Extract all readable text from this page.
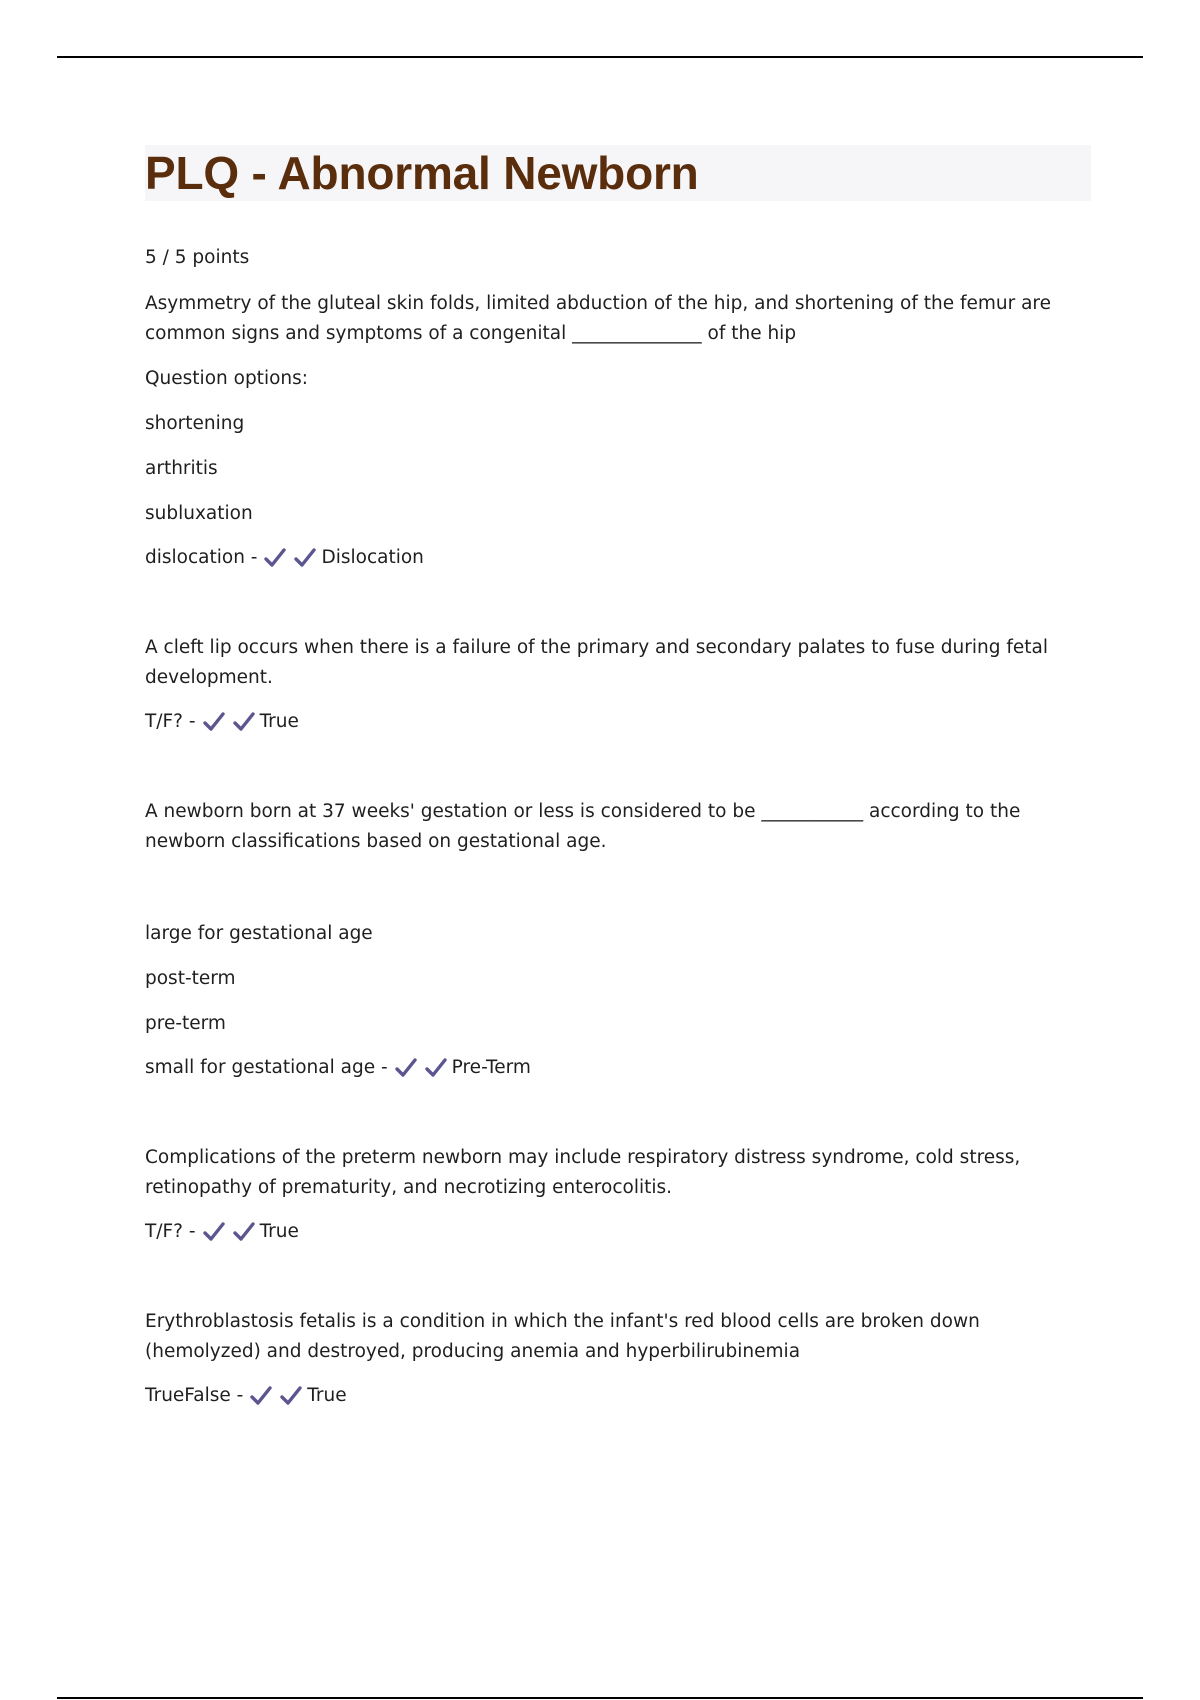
PLQ - Abnormal Newborn

5 / 5 points

Asymmetry of the gluteal skin folds, limited abduction of the hip, and shortening of the femur are common signs and symptoms of a congenital ______________ of the hip

Question options:

shortening

arthritis

subluxation

dislocation -	Dislocation

A cleft lip occurs when there is a failure of the primary and secondary palates to fuse during fetal development.

T/F? -	True

A newborn born at 37 weeks' gestation or less is considered to be ___________ according to the newborn classifications based on gestational age.

large for gestational age

post-term

pre-term

small for gestational age -	Pre-Term

Complications of the preterm newborn may include respiratory distress syndrome, cold stress, retinopathy of prematurity, and necrotizing enterocolitis.

T/F? -	True

Erythroblastosis fetalis is a condition in which the infant's red blood cells are broken down (hemolyzed) and destroyed, producing anemia and hyperbilirubinemia

TrueFalse -	True
